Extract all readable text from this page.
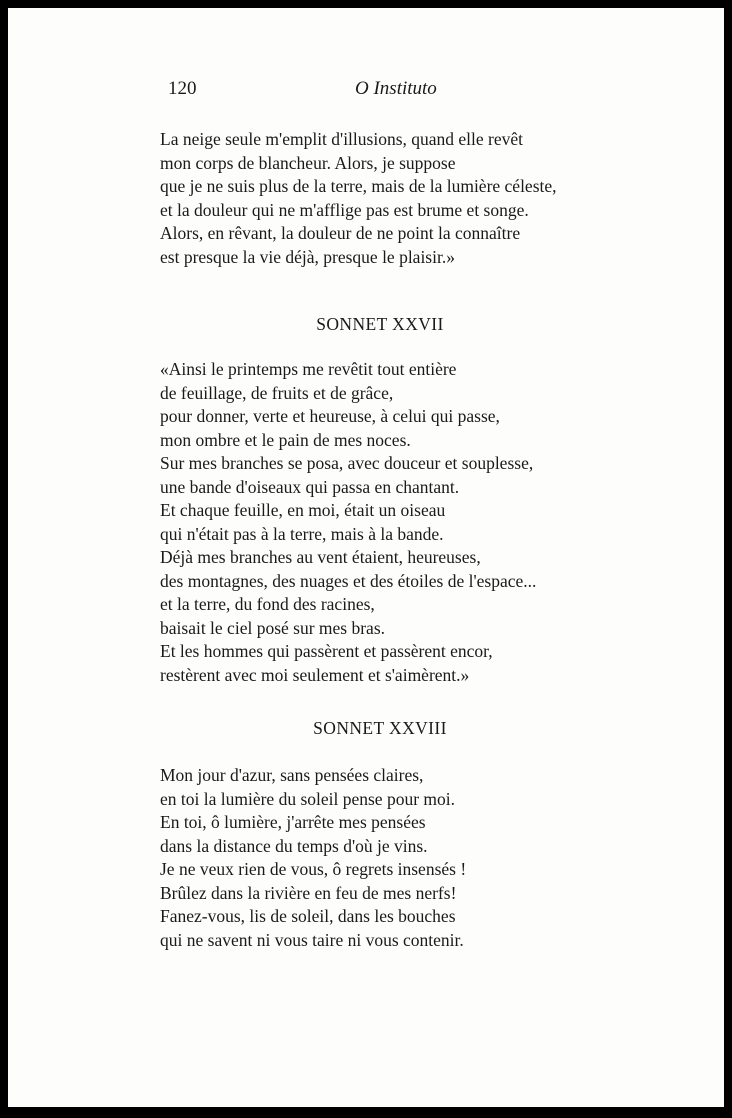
120	O Instituto
La neige seule m'emplit d'illusions, quand elle revêt
mon corps de blancheur. Alors, je suppose
que je ne suis plus de la terre, mais de la lumière céleste,
et la douleur qui ne m'afflige pas est brume et songe.
Alors, en rêvant, la douleur de ne point la connaître
est presque la vie déjà, presque le plaisir.»
SONNET XXVII
«Ainsi le printemps me revêtit tout entière
de feuillage, de fruits et de grâce,
pour donner, verte et heureuse, à celui qui passe,
mon ombre et le pain de mes noces.
Sur mes branches se posa, avec douceur et souplesse,
une bande d'oiseaux qui passa en chantant.
Et chaque feuille, en moi, était un oiseau
qui n'était pas à la terre, mais à la bande.
Déjà mes branches au vent étaient, heureuses,
des montagnes, des nuages et des étoiles de l'espace...
et la terre, du fond des racines,
baisait le ciel posé sur mes bras.
Et les hommes qui passèrent et passèrent encor,
restèrent avec moi seulement et s'aimèrent.»
SONNET XXVIII
Mon jour d'azur, sans pensées claires,
en toi la lumière du soleil pense pour moi.
En toi, ô lumière, j'arrête mes pensées
dans la distance du temps d'où je vins.
Je ne veux rien de vous, ô regrets insensés !
Brûlez dans la rivière en feu de mes nerfs!
Fanez-vous, lis de soleil, dans les bouches
qui ne savent ni vous taire ni vous contenir.
